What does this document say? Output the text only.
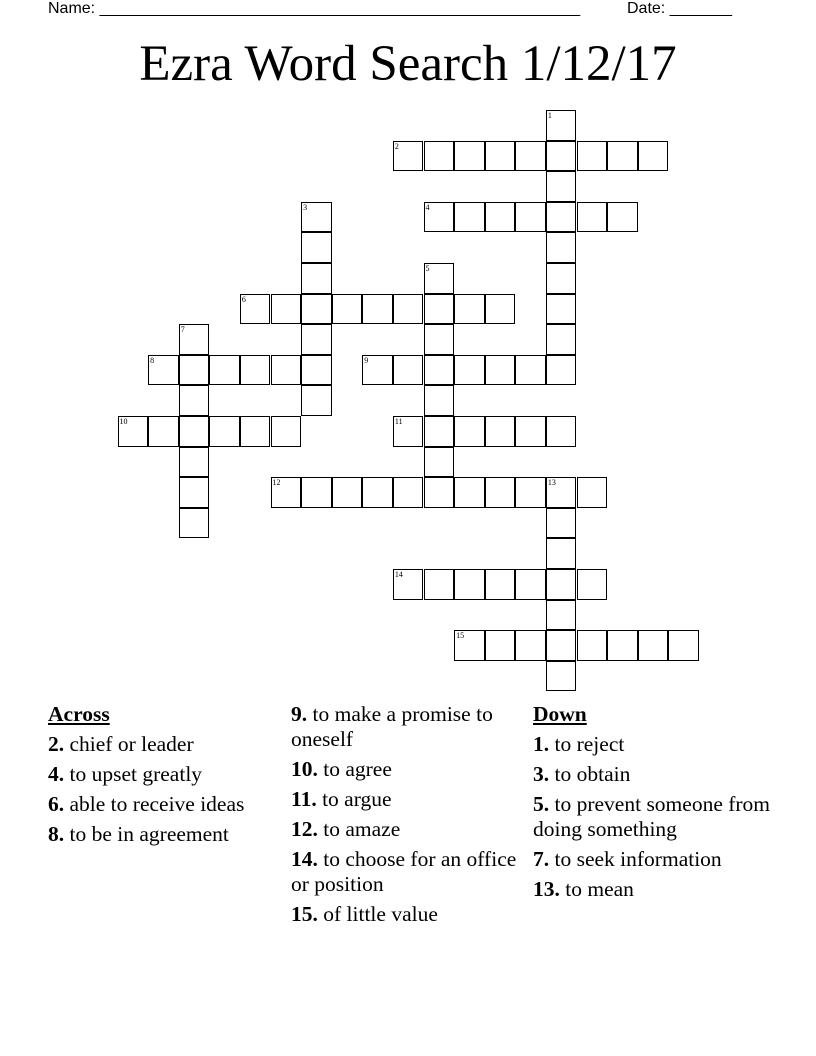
Name: ______________________________________________________	Date: _______
Ezra Word Search 1/12/17
1
2
3	4
5
6
7
8	9
10	11
12	13
14
15
Across
2. chief or leader
4. to upset greatly
6. able to receive ideas
8. to be in agreement
9. to make a promise to oneself
10. to agree
11. to argue
12. to amaze
14. to choose for an office or position
15. of little value
Down
1. to reject
3. to obtain
5. to prevent someone from doing something
7. to seek information
13. to mean
